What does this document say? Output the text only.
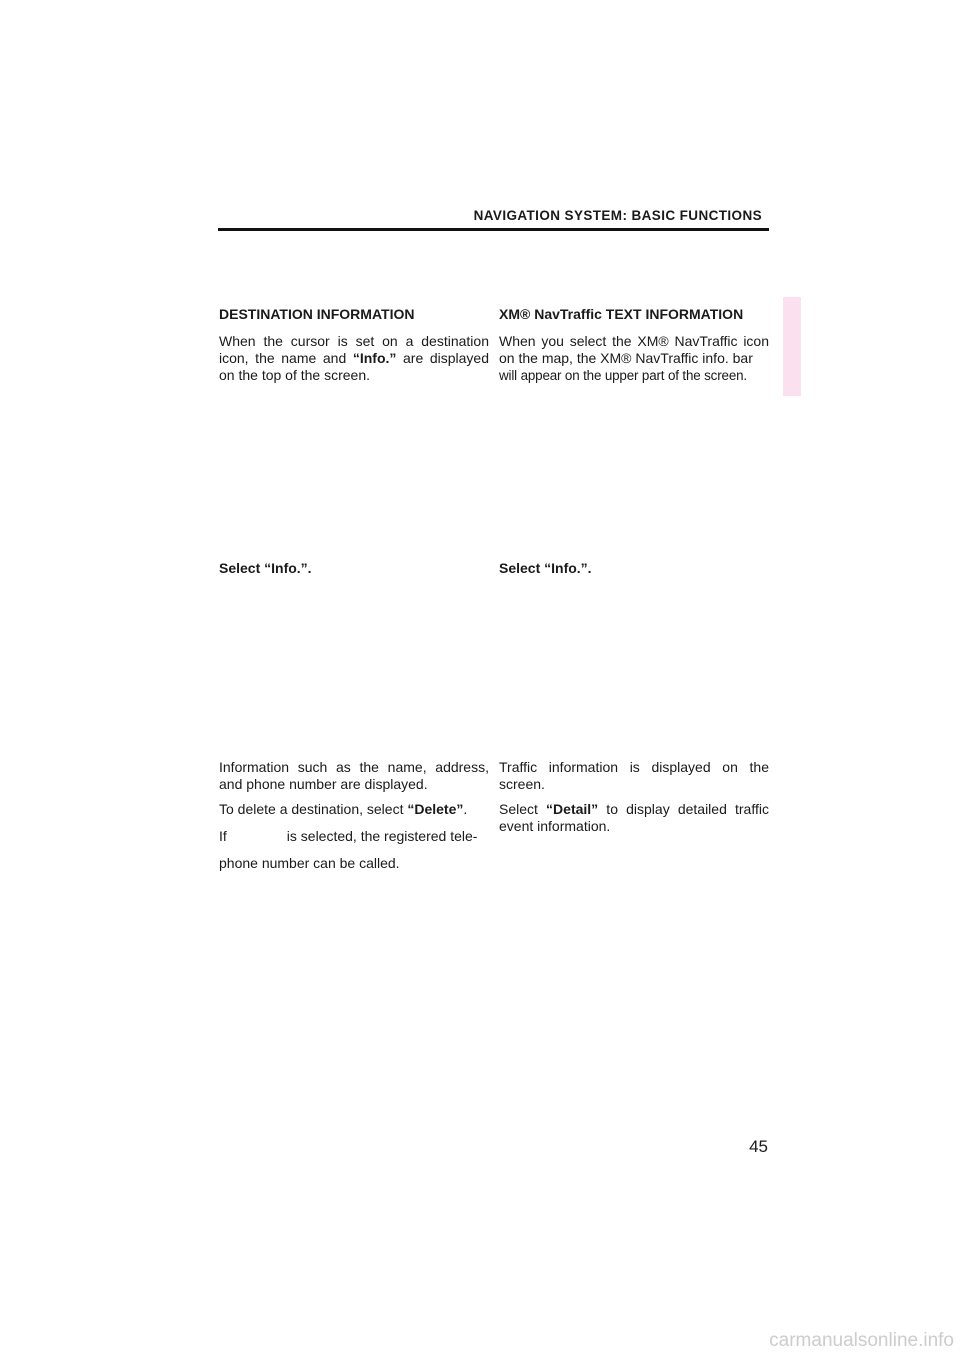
NAVIGATION SYSTEM: BASIC FUNCTIONS

DESTINATION INFORMATION

When the cursor is set on a destination icon, the name and “Info.” are displayed on the top of the screen.

Select “Info.”.

Information such as the name, address, and phone number are displayed.

To delete a destination, select “Delete”.

If	is selected, the registered tele-

phone number can be called.

XM® NavTraffic TEXT INFORMATION

When you select the XM® NavTraffic icon on the map, the XM® NavTraffic info. bar
will appear on the upper part of the screen.

Select “Info.”.

Traffic information is displayed on the screen.

Select “Detail” to display detailed traffic event information.

45
carmanualsonline.info
